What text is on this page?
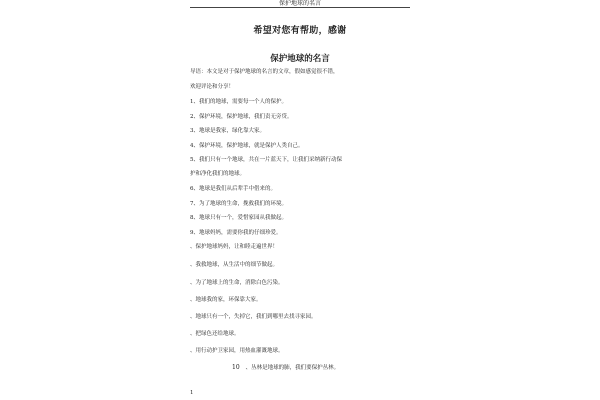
保护地球的名言
希望对您有帮助，感谢
保护地球的名言
导语：本文是对于保护地球的名言的文章，假如感觉很不错，
欢迎评论和分享！
1、我们的地球，需要每一个人的保护。
2、保护环境，保护地球，我们责无旁贷。
3、地球是我家，绿化靠大家。
4、保护环境，保护地球，就是保护人类自己。
5、我们只有一个地球，共在一片蓝天下，让我们采纳新行动保
护和净化我们的地球。
6、地球是我们从后辈手中借来的。
7、为了地球的生命，挽救我们的环境。
8、地球只有一个，爱惜家园从我做起。
9、地球妈妈，需要你我的仔细珍爱。
、保护地球妈妈，让和睦走遍世界！
、我救地球，从生活中的细节做起。
、为了地球上的生命，消除白色污染。
、地球我的家，环保靠大家。
、地球只有一个，失掉它，我们到哪里去找寻家园。
、把绿色还给地球。
、用行动护卫家园，用热血灌溉地球。
10 、丛林是地球的肺，我们要保护丛林。
1
